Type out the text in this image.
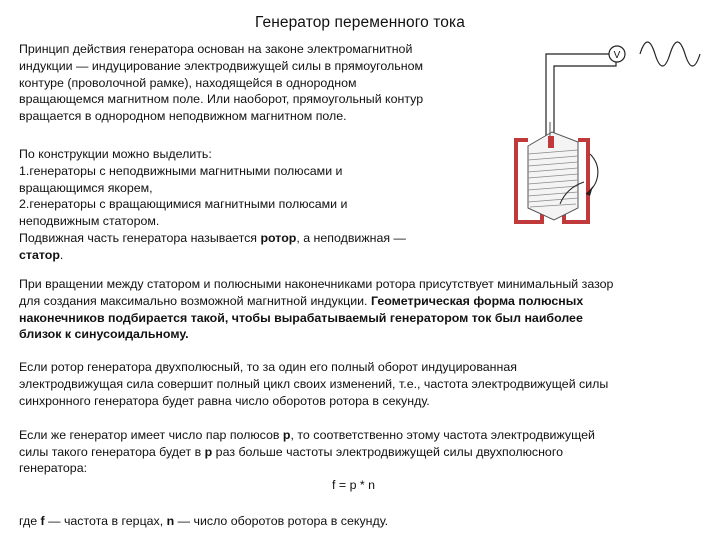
Генератор переменного тока
Принцип действия генератора основан на законе электромагнитной
индукции — индуцирование электродвижущей силы в прямоугольном
контуре (проволочной рамке), находящейся в однородном
вращающемся магнитном поле. Или наоборот, прямоугольный контур
вращается в однородном неподвижном магнитном поле.
По конструкции можно выделить:
1.генераторы с неподвижными магнитными полюсами и
вращающимся якорем,
2.генераторы с вращающимися магнитными полюсами и
неподвижным статором.
Подвижная часть генератора называется ротор, а неподвижная —
статор.
При вращении между статором и полюсными наконечниками ротора присутствует минимальный зазор
для создания максимально возможной магнитной индукции. Геометрическая форма полюсных
наконечников подбирается такой, чтобы вырабатываемый генератором ток был наиболее
близок к синусоидальному.
Если ротор генератора двухполюсный, то за один его полный оборот индуцированная
электродвижущая сила совершит полный цикл своих изменений, т.е., частота электродвижущей силы
синхронного генератора будет равна число оборотов ротора в секунду.
Если же генератор имеет число пар полюсов p, то соответственно этому частота электродвижущей
силы такого генератора будет в p раз больше частоты электродвижущей силы двухполюсного
генератора:
f = p * n
где f — частота в герцах, n — число оборотов ротора в секунду.
V
